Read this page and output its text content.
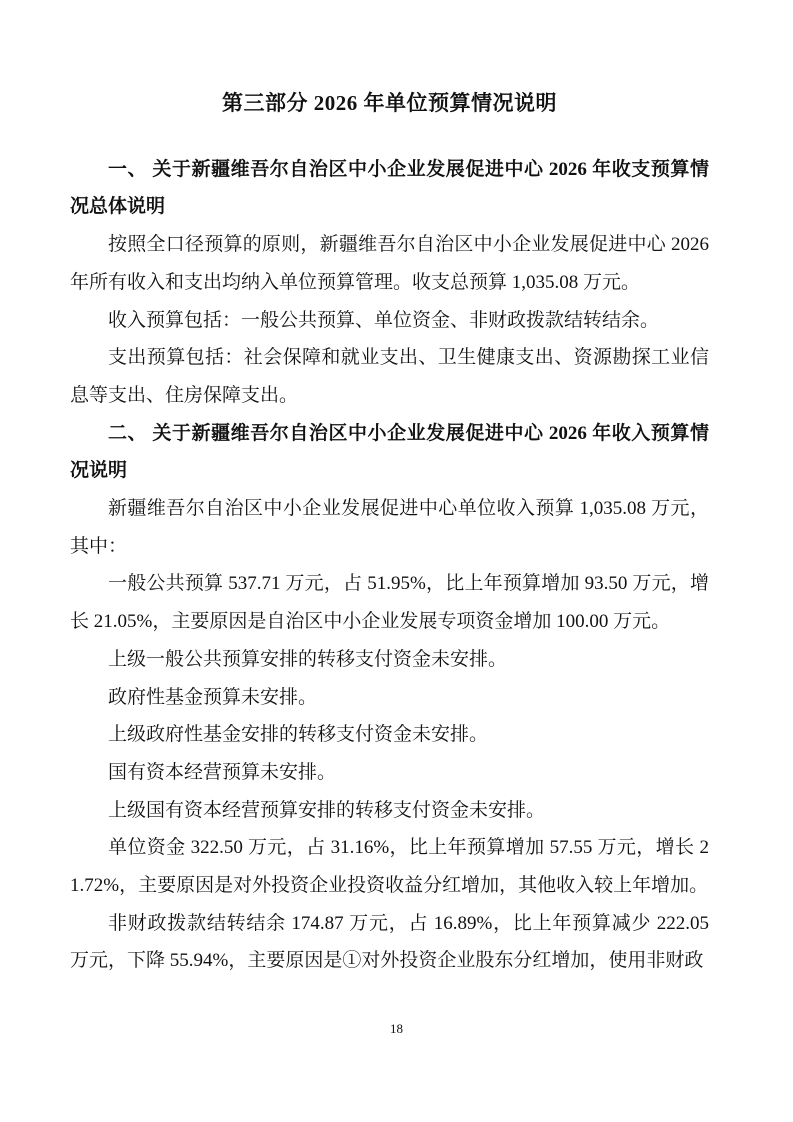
第三部分 2026 年单位预算情况说明

一、 关于新疆维吾尔自治区中小企业发展促进中心 2026 年收支预算情况总体说明

按照全口径预算的原则，新疆维吾尔自治区中小企业发展促进中心 2026 年所有收入和支出均纳入单位预算管理。收支总预算 1,035.08 万元。

收入预算包括：一般公共预算、单位资金、非财政拨款结转结余。

支出预算包括：社会保障和就业支出、卫生健康支出、资源勘探工业信息等支出、住房保障支出。

二、 关于新疆维吾尔自治区中小企业发展促进中心 2026 年收入预算情况说明

新疆维吾尔自治区中小企业发展促进中心单位收入预算 1,035.08 万元，其中：

一般公共预算 537.71 万元，占 51.95%，比上年预算增加 93.50 万元，增长 21.05%，主要原因是自治区中小企业发展专项资金增加 100.00 万元。

上级一般公共预算安排的转移支付资金未安排。

政府性基金预算未安排。

上级政府性基金安排的转移支付资金未安排。

国有资本经营预算未安排。

上级国有资本经营预算安排的转移支付资金未安排。

单位资金 322.50 万元，占 31.16%，比上年预算增加 57.55 万元，增长 21.72%，主要原因是对外投资企业投资收益分红增加，其他收入较上年增加。

非财政拨款结转结余 174.87 万元，占 16.89%，比上年预算减少 222.05 万元，下降 55.94%，主要原因是①对外投资企业股东分红增加，使用非财政

18
